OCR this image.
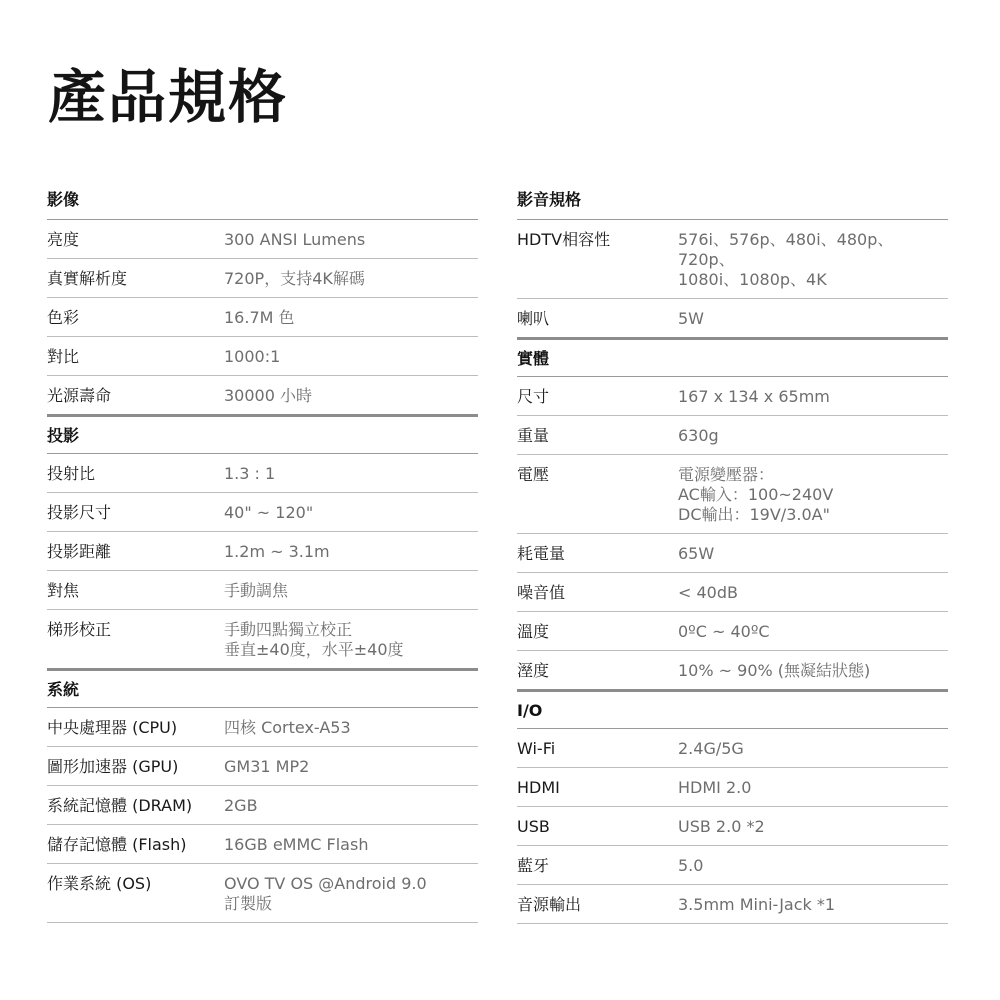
產品規格
影像
亮度	300 ANSI Lumens
真實解析度	720P，支持4K解碼
色彩	16.7M 色
對比	1000:1
光源壽命	30000 小時
投影
投射比	1.3 : 1
投影尺寸	40" ~ 120"
投影距離	1.2m ~ 3.1m
對焦	手動調焦
梯形校正	手動四點獨立校正
垂直±40度，水平±40度
系統
中央處理器 (CPU)	四核 Cortex-A53
圖形加速器 (GPU)	GM31 MP2
系統記憶體 (DRAM)	2GB
儲存記憶體 (Flash)	16GB eMMC Flash
作業系統 (OS)	OVO TV OS @Android 9.0
訂製版
影音規格
HDTV相容性	576i、576p、480i、480p、720p、
1080i、1080p、4K
喇叭	5W
實體
尺寸	167 x 134 x 65mm
重量	630g
電壓	電源變壓器：
AC輸入：100~240V
DC輸出：19V/3.0A"
耗電量	65W
噪音值	< 40dB
溫度	0ºC ~ 40ºC
溼度	10% ~ 90% (無凝結狀態)
I/O
Wi-Fi	2.4G/5G
HDMI	HDMI 2.0
USB	USB 2.0 *2
藍牙	5.0
音源輸出	3.5mm Mini-Jack *1
